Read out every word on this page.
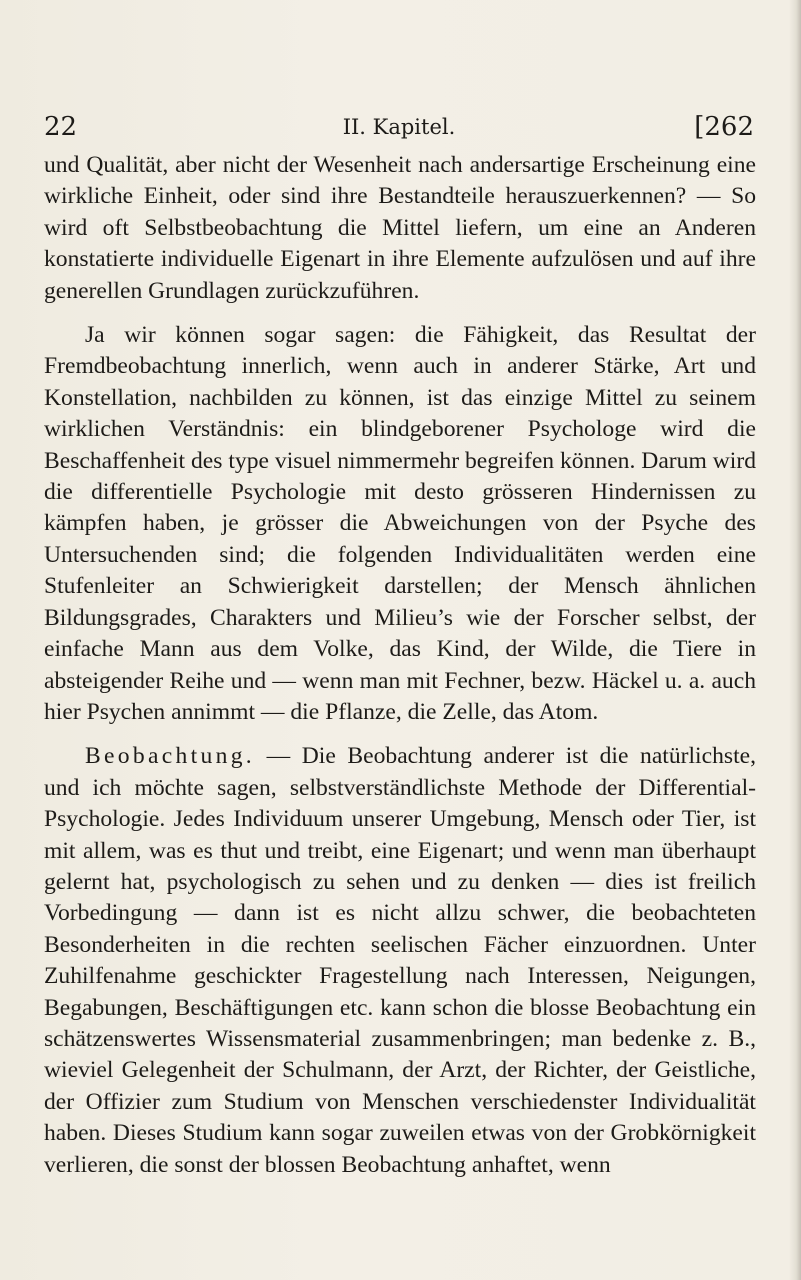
22	II. Kapitel.	[262

und Qualität, aber nicht der Wesenheit nach andersartige Erscheinung eine wirkliche Einheit, oder sind ihre Bestandteile herauszuerkennen? — So wird oft Selbstbeobachtung die Mittel liefern, um eine an Anderen konstatierte individuelle Eigenart in ihre Elemente aufzulösen und auf ihre generellen Grundlagen zurückzuführen.

Ja wir können sogar sagen: die Fähigkeit, das Resultat der Fremdbeobachtung innerlich, wenn auch in anderer Stärke, Art und Konstellation, nachbilden zu können, ist das einzige Mittel zu seinem wirklichen Verständnis: ein blindgeborener Psychologe wird die Beschaffenheit des type visuel nimmermehr begreifen können. Darum wird die differentielle Psychologie mit desto grösseren Hindernissen zu kämpfen haben, je grösser die Abweichungen von der Psyche des Untersuchenden sind; die folgenden Individualitäten werden eine Stufenleiter an Schwierigkeit darstellen; der Mensch ähnlichen Bildungsgrades, Charakters und Milieu’s wie der Forscher selbst, der einfache Mann aus dem Volke, das Kind, der Wilde, die Tiere in absteigender Reihe und — wenn man mit Fechner, bezw. Häckel u. a. auch hier Psychen annimmt — die Pflanze, die Zelle, das Atom.

Beobachtung. — Die Beobachtung anderer ist die natürlichste, und ich möchte sagen, selbstverständlichste Methode der Differential-Psychologie. Jedes Individuum unserer Umgebung, Mensch oder Tier, ist mit allem, was es thut und treibt, eine Eigenart; und wenn man überhaupt gelernt hat, psychologisch zu sehen und zu denken — dies ist freilich Vorbedingung — dann ist es nicht allzu schwer, die beobachteten Besonderheiten in die rechten seelischen Fächer einzuordnen. Unter Zuhilfenahme geschickter Fragestellung nach Interessen, Neigungen, Begabungen, Beschäftigungen etc. kann schon die blosse Beobachtung ein schätzenswertes Wissensmaterial zusammenbringen; man bedenke z. B., wieviel Gelegenheit der Schulmann, der Arzt, der Richter, der Geistliche, der Offizier zum Studium von Menschen verschiedenster Individualität haben. Dieses Studium kann sogar zuweilen etwas von der Grobkörnigkeit verlieren, die sonst der blossen Beobachtung anhaftet, wenn
